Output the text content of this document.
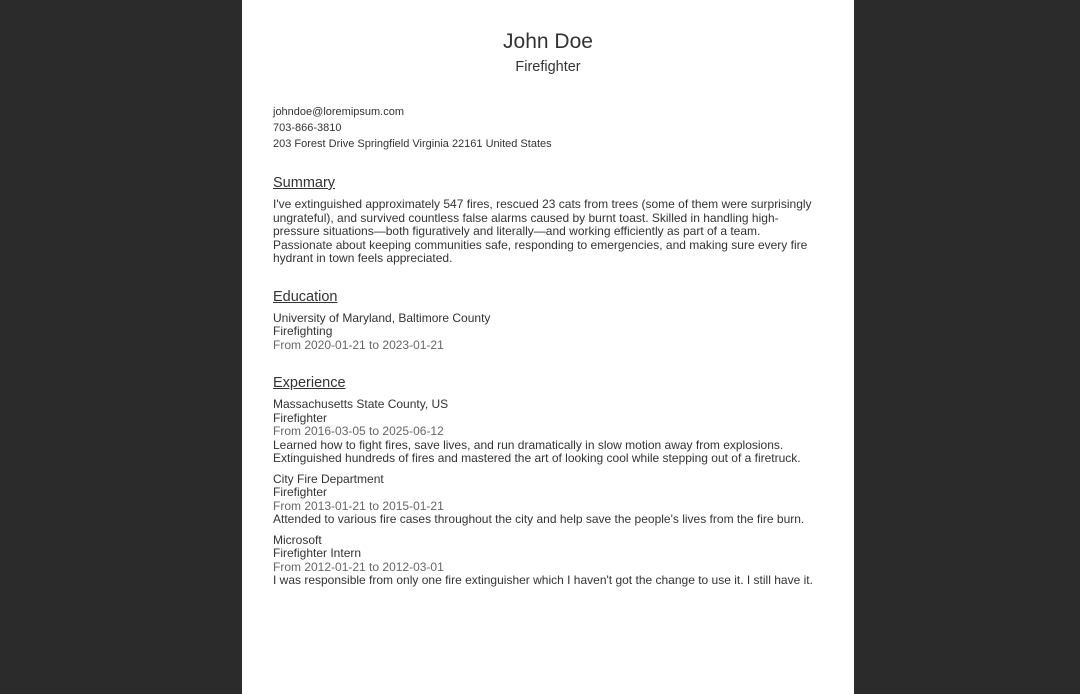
John Doe
Firefighter
johndoe@loremipsum.com
703-866-3810
203 Forest Drive Springfield Virginia 22161 United States
Summary
I've extinguished approximately 547 fires, rescued 23 cats from trees (some of them were surprisingly ungrateful), and survived countless false alarms caused by burnt toast. Skilled in handling high-pressure situations—both figuratively and literally—and working efficiently as part of a team. Passionate about keeping communities safe, responding to emergencies, and making sure every fire hydrant in town feels appreciated.
Education
University of Maryland, Baltimore County
Firefighting
From 2020-01-21 to 2023-01-21
Experience
Massachusetts State County, US
Firefighter
From 2016-03-05 to 2025-06-12
Learned how to fight fires, save lives, and run dramatically in slow motion away from explosions. Extinguished hundreds of fires and mastered the art of looking cool while stepping out of a firetruck.
City Fire Department
Firefighter
From 2013-01-21 to 2015-01-21
Attended to various fire cases throughout the city and help save the people's lives from the fire burn.
Microsoft
Firefighter Intern
From 2012-01-21 to 2012-03-01
I was responsible from only one fire extinguisher which I haven't got the change to use it. I still have it.
